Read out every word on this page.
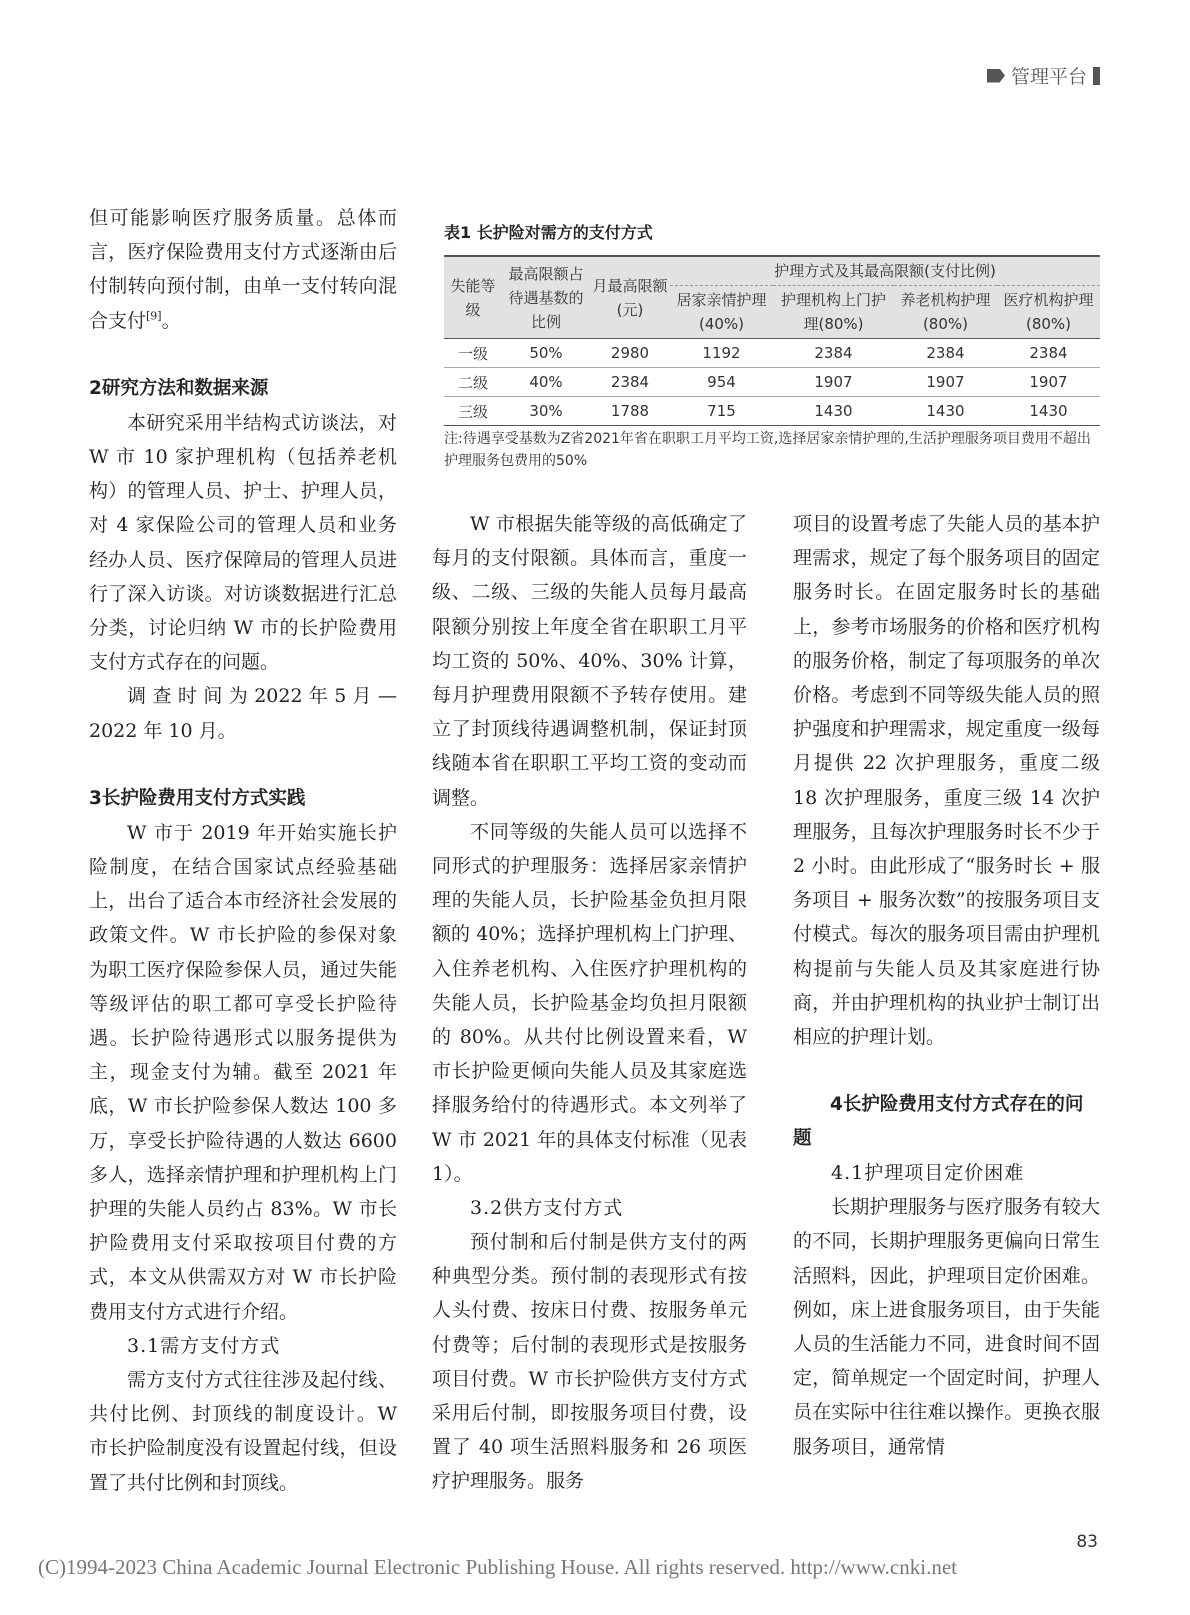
管理平台

但可能影响医疗服务质量。总体而言，医疗保险费用支付方式逐渐由后付制转向预付制，由单一支付转向混合支付[9]。

2研究方法和数据来源

本研究采用半结构式访谈法，对 W 市 10 家护理机构（包括养老机构）的管理人员、护士、护理人员，对 4 家保险公司的管理人员和业务经办人员、医疗保障局的管理人员进行了深入访谈。对访谈数据进行汇总分类，讨论归纳 W 市的长护险费用支付方式存在的问题。

调 查 时 间 为 2022 年 5 月 — 2022 年 10 月。

3长护险费用支付方式实践

W 市于 2019 年开始实施长护险制度，在结合国家试点经验基础上，出台了适合本市经济社会发展的政策文件。W 市长护险的参保对象为职工医疗保险参保人员，通过失能等级评估的职工都可享受长护险待遇。长护险待遇形式以服务提供为主，现金支付为辅。截至 2021 年底，W 市长护险参保人数达 100 多万，享受长护险待遇的人数达 6600 多人，选择亲情护理和护理机构上门护理的失能人员约占 83%。W 市长护险费用支付采取按项目付费的方式，本文从供需双方对 W 市长护险费用支付方式进行介绍。

3.1需方支付方式

需方支付方式往往涉及起付线、共付比例、封顶线的制度设计。W 市长护险制度没有设置起付线，但设置了共付比例和封顶线。

表1 长护险对需方的支付方式
失能等级	最高限额占待遇基数的比例	月最高限额(元)	护理方式及其最高限额(支付比例)			
			居家亲情护理(40%)	护理机构上门护理(80%)	养老机构护理(80%)	医疗机构护理(80%)
一级	50%	2980	1192	2384	2384	2384
二级	40%	2384	954	1907	1907	1907
三级	30%	1788	715	1430	1430	1430
注:待遇享受基数为Z省2021年省在职职工月平均工资,选择居家亲情护理的,生活护理服务项目费用不超出护理服务包费用的50%

W 市根据失能等级的高低确定了每月的支付限额。具体而言，重度一级、二级、三级的失能人员每月最高限额分别按上年度全省在职职工月平均工资的 50%、40%、30% 计算，每月护理费用限额不予转存使用。建立了封顶线待遇调整机制，保证封顶线随本省在职职工平均工资的变动而调整。

不同等级的失能人员可以选择不同形式的护理服务：选择居家亲情护理的失能人员，长护险基金负担月限额的 40%；选择护理机构上门护理、入住养老机构、入住医疗护理机构的失能人员，长护险基金均负担月限额的 80%。从共付比例设置来看，W 市长护险更倾向失能人员及其家庭选择服务给付的待遇形式。本文列举了 W 市 2021 年的具体支付标准（见表 1）。

3.2供方支付方式

预付制和后付制是供方支付的两种典型分类。预付制的表现形式有按人头付费、按床日付费、按服务单元付费等；后付制的表现形式是按服务项目付费。W 市长护险供方支付方式采用后付制，即按服务项目付费，设置了 40 项生活照料服务和 26 项医疗护理服务。服务

项目的设置考虑了失能人员的基本护理需求，规定了每个服务项目的固定服务时长。在固定服务时长的基础上，参考市场服务的价格和医疗机构的服务价格，制定了每项服务的单次价格。考虑到不同等级失能人员的照护强度和护理需求，规定重度一级每月提供 22 次护理服务，重度二级 18 次护理服务，重度三级 14 次护理服务，且每次护理服务时长不少于 2 小时。由此形成了“服务时长 + 服务项目 + 服务次数”的按服务项目支付模式。每次的服务项目需由护理机构提前与失能人员及其家庭进行协商，并由护理机构的执业护士制订出相应的护理计划。

4长护险费用支付方式存在的问题
4.1护理项目定价困难

长期护理服务与医疗服务有较大的不同，长期护理服务更偏向日常生活照料，因此，护理项目定价困难。例如，床上进食服务项目，由于失能人员的生活能力不同，进食时间不固定，简单规定一个固定时间，护理人员在实际中往往难以操作。更换衣服服务项目，通常情

83
(C)1994-2023 China Academic Journal Electronic Publishing House. All rights reserved. http://www.cnki.net
